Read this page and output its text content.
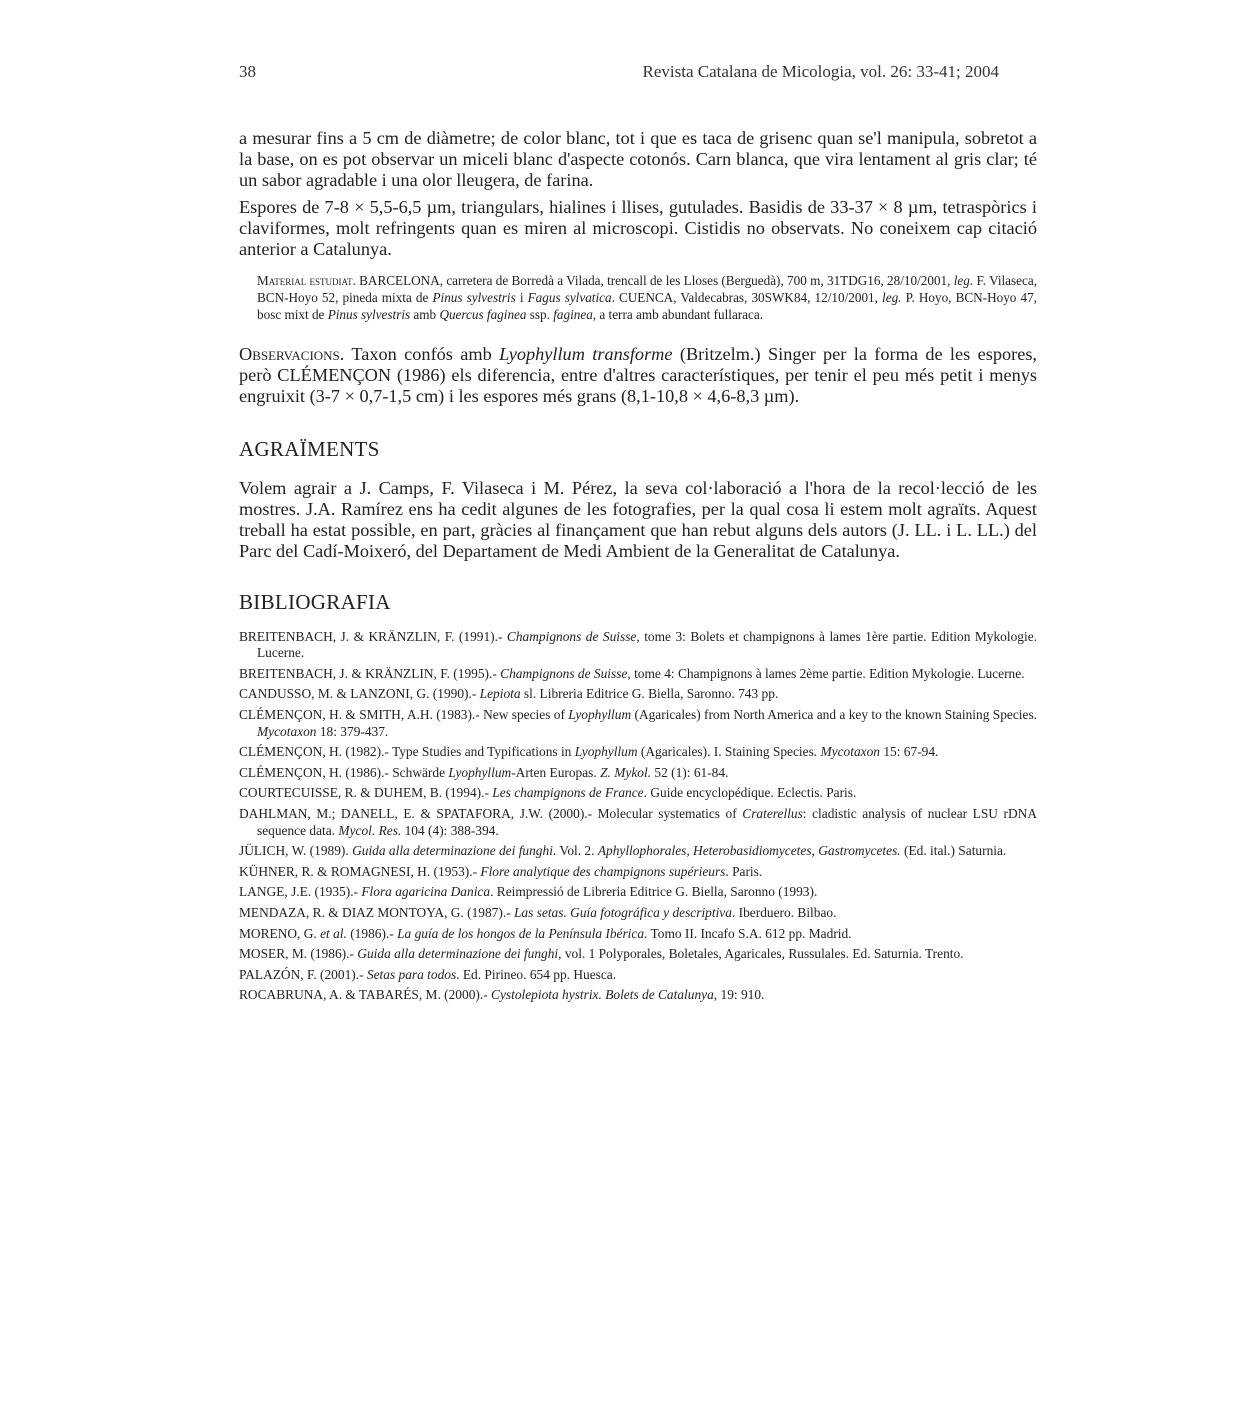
38	Revista Catalana de Micologia, vol. 26: 33-41; 2004

a mesurar fins a 5 cm de diàmetre; de color blanc, tot i que es taca de grisenc quan se'l manipula, sobretot a la base, on es pot observar un miceli blanc d'aspecte cotonós. Carn blanca, que vira lentament al gris clar; té un sabor agradable i una olor lleugera, de farina.

Espores de 7-8 × 5,5-6,5 µm, triangulars, hialines i llises, gutulades. Basidis de 33-37 × 8 µm, tetraspòrics i claviformes, molt refringents quan es miren al microscopi. Cistidis no observats. No coneixem cap citació anterior a Catalunya.

Material estudiat. BARCELONA, carretera de Borredà a Vilada, trencall de les Lloses (Berguedà), 700 m, 31TDG16, 28/10/2001, leg. F. Vilaseca, BCN-Hoyo 52, pineda mixta de Pinus sylvestris i Fagus sylvatica. CUENCA, Valdecabras, 30SWK84, 12/10/2001, leg. P. Hoyo, BCN-Hoyo 47, bosc mixt de Pinus sylvestris amb Quercus faginea ssp. faginea, a terra amb abundant fullaraca.

Observacions. Taxon confós amb Lyophyllum transforme (Britzelm.) Singer per la forma de les espores, però CLÉMENÇON (1986) els diferencia, entre d'altres característiques, per tenir el peu més petit i menys engruixit (3-7 × 0,7-1,5 cm) i les espores més grans (8,1-10,8 × 4,6-8,3 µm).

AGRAÏMENTS

Volem agrair a J. Camps, F. Vilaseca i M. Pérez, la seva col·laboració a l'hora de la recol·lecció de les mostres. J.A. Ramírez ens ha cedit algunes de les fotografies, per la qual cosa li estem molt agraïts. Aquest treball ha estat possible, en part, gràcies al finançament que han rebut alguns dels autors (J. LL. i L. LL.) del Parc del Cadí-Moixeró, del Departament de Medi Ambient de la Generalitat de Catalunya.

BIBLIOGRAFIA
BREITENBACH, J. & KRÄNZLIN, F. (1991).- Champignons de Suisse, tome 3: Bolets et champignons à lames 1ère partie. Edition Mykologie. Lucerne.
BREITENBACH, J. & KRÄNZLIN, F. (1995).- Champignons de Suisse, tome 4: Champignons à lames 2ème partie. Edition Mykologie. Lucerne.
CANDUSSO, M. & LANZONI, G. (1990).- Lepiota sl. Libreria Editrice G. Biella, Saronno. 743 pp.
CLÉMENÇON, H. & SMITH, A.H. (1983).- New species of Lyophyllum (Agaricales) from North America and a key to the known Staining Species. Mycotaxon 18: 379-437.
CLÉMENÇON, H. (1982).- Type Studies and Typifications in Lyophyllum (Agaricales). I. Staining Species. Mycotaxon 15: 67-94.
CLÉMENÇON, H. (1986).- Schwärde Lyophyllum-Arten Europas. Z. Mykol. 52 (1): 61-84.
COURTECUISSE, R. & DUHEM, B. (1994).- Les champignons de France. Guide encyclopédique. Eclectis. Paris.
DAHLMAN, M.; DANELL, E. & SPATAFORA, J.W. (2000).- Molecular systematics of Craterellus: cladistic analysis of nuclear LSU rDNA sequence data. Mycol. Res. 104 (4): 388-394.
JÜLICH, W. (1989). Guida alla determinazione dei funghi. Vol. 2. Aphyllophorales, Heterobasidiomycetes, Gastromycetes. (Ed. ital.) Saturnia.
KÜHNER, R. & ROMAGNESI, H. (1953).- Flore analytique des champignons supérieurs. Paris.
LANGE, J.E. (1935).- Flora agaricina Danica. Reimpressió de Libreria Editrice G. Biella, Saronno (1993).
MENDAZA, R. & DIAZ MONTOYA, G. (1987).- Las setas. Guía fotográfica y descriptiva. Iberduero. Bilbao.
MORENO, G. et al. (1986).- La guía de los hongos de la Península Ibérica. Tomo II. Incafo S.A. 612 pp. Madrid.
MOSER, M. (1986).- Guida alla determinazione dei funghi, vol. 1 Polyporales, Boletales, Agaricales, Russulales. Ed. Saturnia. Trento.
PALAZÓN, F. (2001).- Setas para todos. Ed. Pirineo. 654 pp. Huesca.
ROCABRUNA, A. & TABARÉS, M. (2000).- Cystolepiota hystrix. Bolets de Catalunya, 19: 910.
